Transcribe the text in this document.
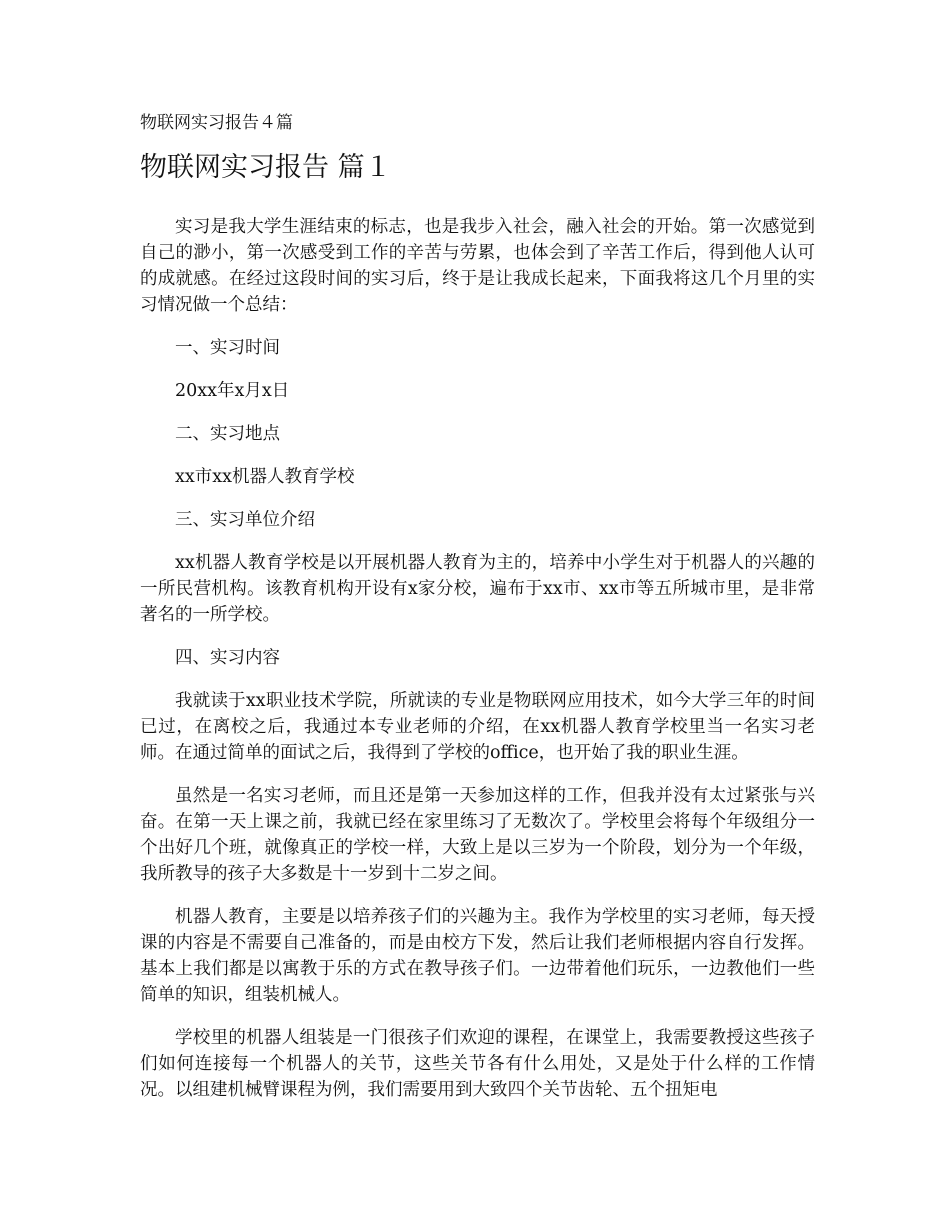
物联网实习报告４篇
物联网实习报告 篇１

实习是我大学生涯结束的标志，也是我步入社会，融入社会的开始。第一次感觉到自己的渺小，第一次感受到工作的辛苦与劳累，也体会到了辛苦工作后，得到他人认可的成就感。在经过这段时间的实习后，终于是让我成长起来，下面我将这几个月里的实习情况做一个总结：

一、实习时间

20xx年x月x日

二、实习地点

xx市xx机器人教育学校

三、实习单位介绍

xx机器人教育学校是以开展机器人教育为主的，培养中小学生对于机器人的兴趣的一所民营机构。该教育机构开设有x家分校，遍布于xx市、xx市等五所城市里，是非常著名的一所学校。

四、实习内容

我就读于xx职业技术学院，所就读的专业是物联网应用技术，如今大学三年的时间已过，在离校之后，我通过本专业老师的介绍，在xx机器人教育学校里当一名实习老师。在通过简单的面试之后，我得到了学校的office，也开始了我的职业生涯。

虽然是一名实习老师，而且还是第一天参加这样的工作，但我并没有太过紧张与兴奋。在第一天上课之前，我就已经在家里练习了无数次了。学校里会将每个年级组分一个出好几个班，就像真正的学校一样，大致上是以三岁为一个阶段，划分为一个年级，我所教导的孩子大多数是十一岁到十二岁之间。

机器人教育，主要是以培养孩子们的兴趣为主。我作为学校里的实习老师，每天授课的内容是不需要自己准备的，而是由校方下发，然后让我们老师根据内容自行发挥。基本上我们都是以寓教于乐的方式在教导孩子们。一边带着他们玩乐，一边教他们一些简单的知识，组装机械人。

学校里的机器人组装是一门很孩子们欢迎的课程，在课堂上，我需要教授这些孩子们如何连接每一个机器人的关节，这些关节各有什么用处，又是处于什么样的工作情况。以组建机械臂课程为例，我们需要用到大致四个关节齿轮、五个扭矩电
